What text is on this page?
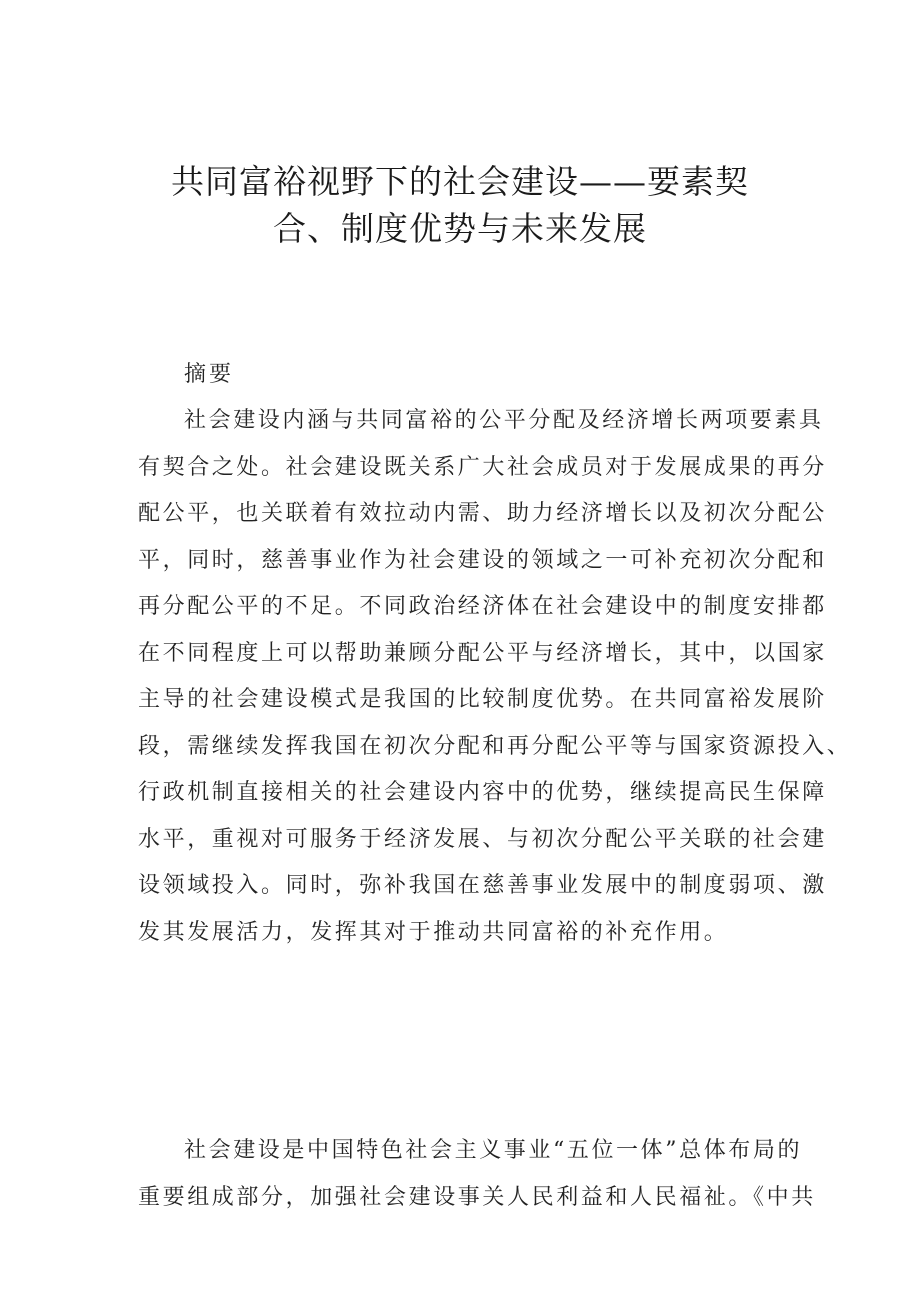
共同富裕视野下的社会建设——要素契
合、制度优势与未来发展
摘要
社会建设内涵与共同富裕的公平分配及经济增长两项要素具
有契合之处。社会建设既关系广大社会成员对于发展成果的再分
配公平，也关联着有效拉动内需、助力经济增长以及初次分配公
平，同时，慈善事业作为社会建设的领域之一可补充初次分配和
再分配公平的不足。不同政治经济体在社会建设中的制度安排都
在不同程度上可以帮助兼顾分配公平与经济增长，其中，以国家
主导的社会建设模式是我国的比较制度优势。在共同富裕发展阶
段，需继续发挥我国在初次分配和再分配公平等与国家资源投入、
行政机制直接相关的社会建设内容中的优势，继续提高民生保障
水平，重视对可服务于经济发展、与初次分配公平关联的社会建
设领域投入。同时，弥补我国在慈善事业发展中的制度弱项、激
发其发展活力，发挥其对于推动共同富裕的补充作用。
社会建设是中国特色社会主义事业“五位一体”总体布局的
重要组成部分，加强社会建设事关人民利益和人民福祉。《中共
